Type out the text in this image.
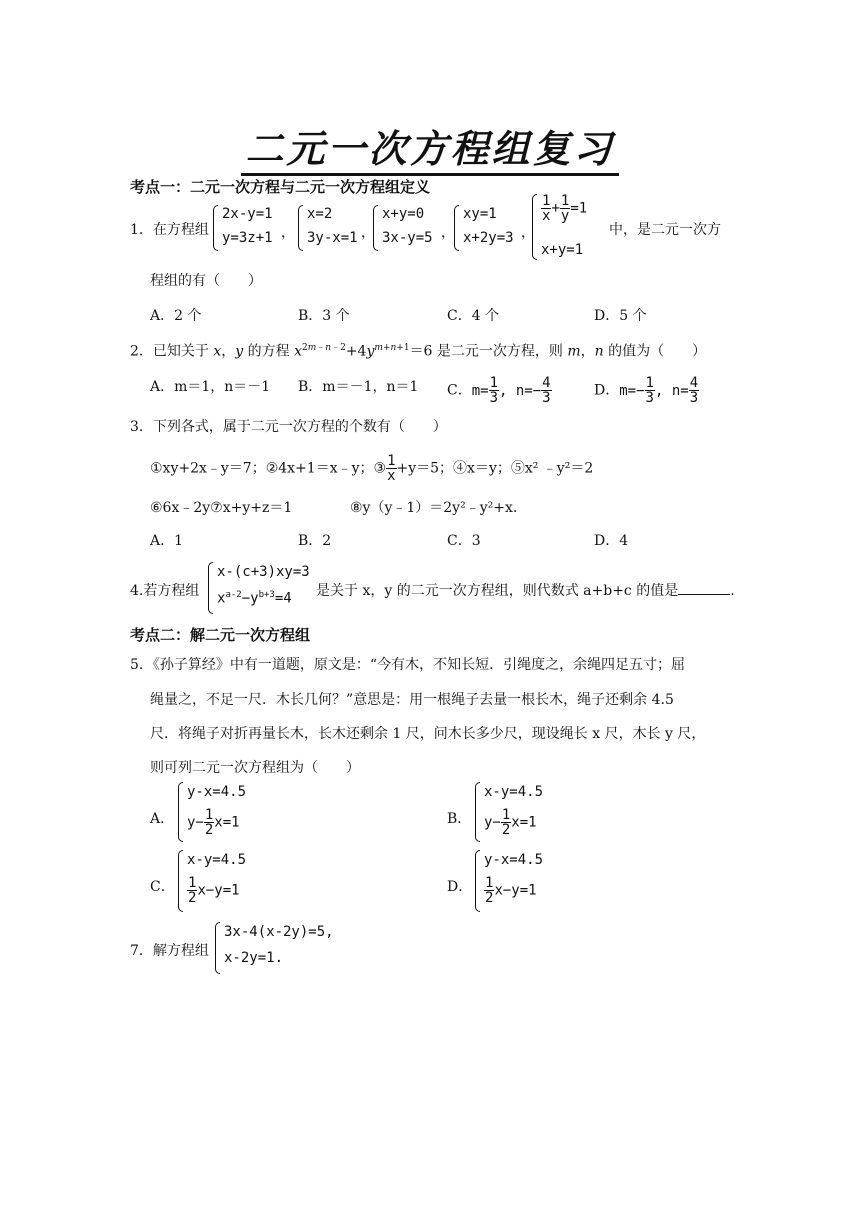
二元一次方程组复习
考点一：二元一次方程与二元一次方程组定义
1．在方程组
2x-y=1
y=3z+1 ，
x=2
3y-x=1 ，
x+y=0
3x-y=5 ，
xy=1
x+2y=3 ，
$\frac{1}{x} + \frac{1}{y} =1$
x+y=1
中，是二元一次方
程组的有（　　）
A．2 个	B．3 个	C．4 个	D．5 个
2．已知关于 x，y 的方程 $x^{2m﹣n﹣2}+4y^{m+n+1}=6$ 是二元一次方程，则 m，n 的值为（　　）
A．m＝1，n＝－1 B．m＝－1，n＝1 C．$m= \frac{1}{3}$ , $n=- \frac{4}{3}$	D．$m=- \frac{1}{3}$ , $n= \frac{4}{3}$
3．下列各式，属于二元一次方程的个数有（　　）
①xy+2x﹣y＝7；②4x+1＝x﹣y；③ $\frac{1}{x} +y=5$；④x＝y；⑤x² ﹣y²＝2
⑥6x﹣2y⑦x+y+z＝1	⑧y（y﹣1）＝2y²﹣y²+x.
A．1	B．2	C．3	D．4
4.若方程组
x-(c+3)xy=3
$x^{a-2}-y^{b+3}=4$ 是关于 x，y 的二元一次方程组，则代数式 a+b+c 的值是	.
考点二：解二元一次方程组
5．《孙子算经》中有一道题，原文是：“今有木，不知长短．引绳度之，余绳四足五寸；屈
绳量之，不足一尺．木长几何？”意思是：用一根绳子去量一根长木，绳子还剩余 4.5
尺．将绳子对折再量长木，长木还剩余 1 尺，问木长多少尺，现设绳长 x 尺，木长 y 尺，
则可列二元一次方程组为（　　）
A．
y-x=4.5
$y- \frac{1}{2} x=1$	B．
x-y=4.5
$y- \frac{1}{2} x=1$
C．
x-y=4.5
$\frac{1}{2} x-y=1$	D．
y-x=4.5
$\frac{1}{2} x-y=1$
7．解方程组
3x-4(x-2y)=5,
x-2y=1.
